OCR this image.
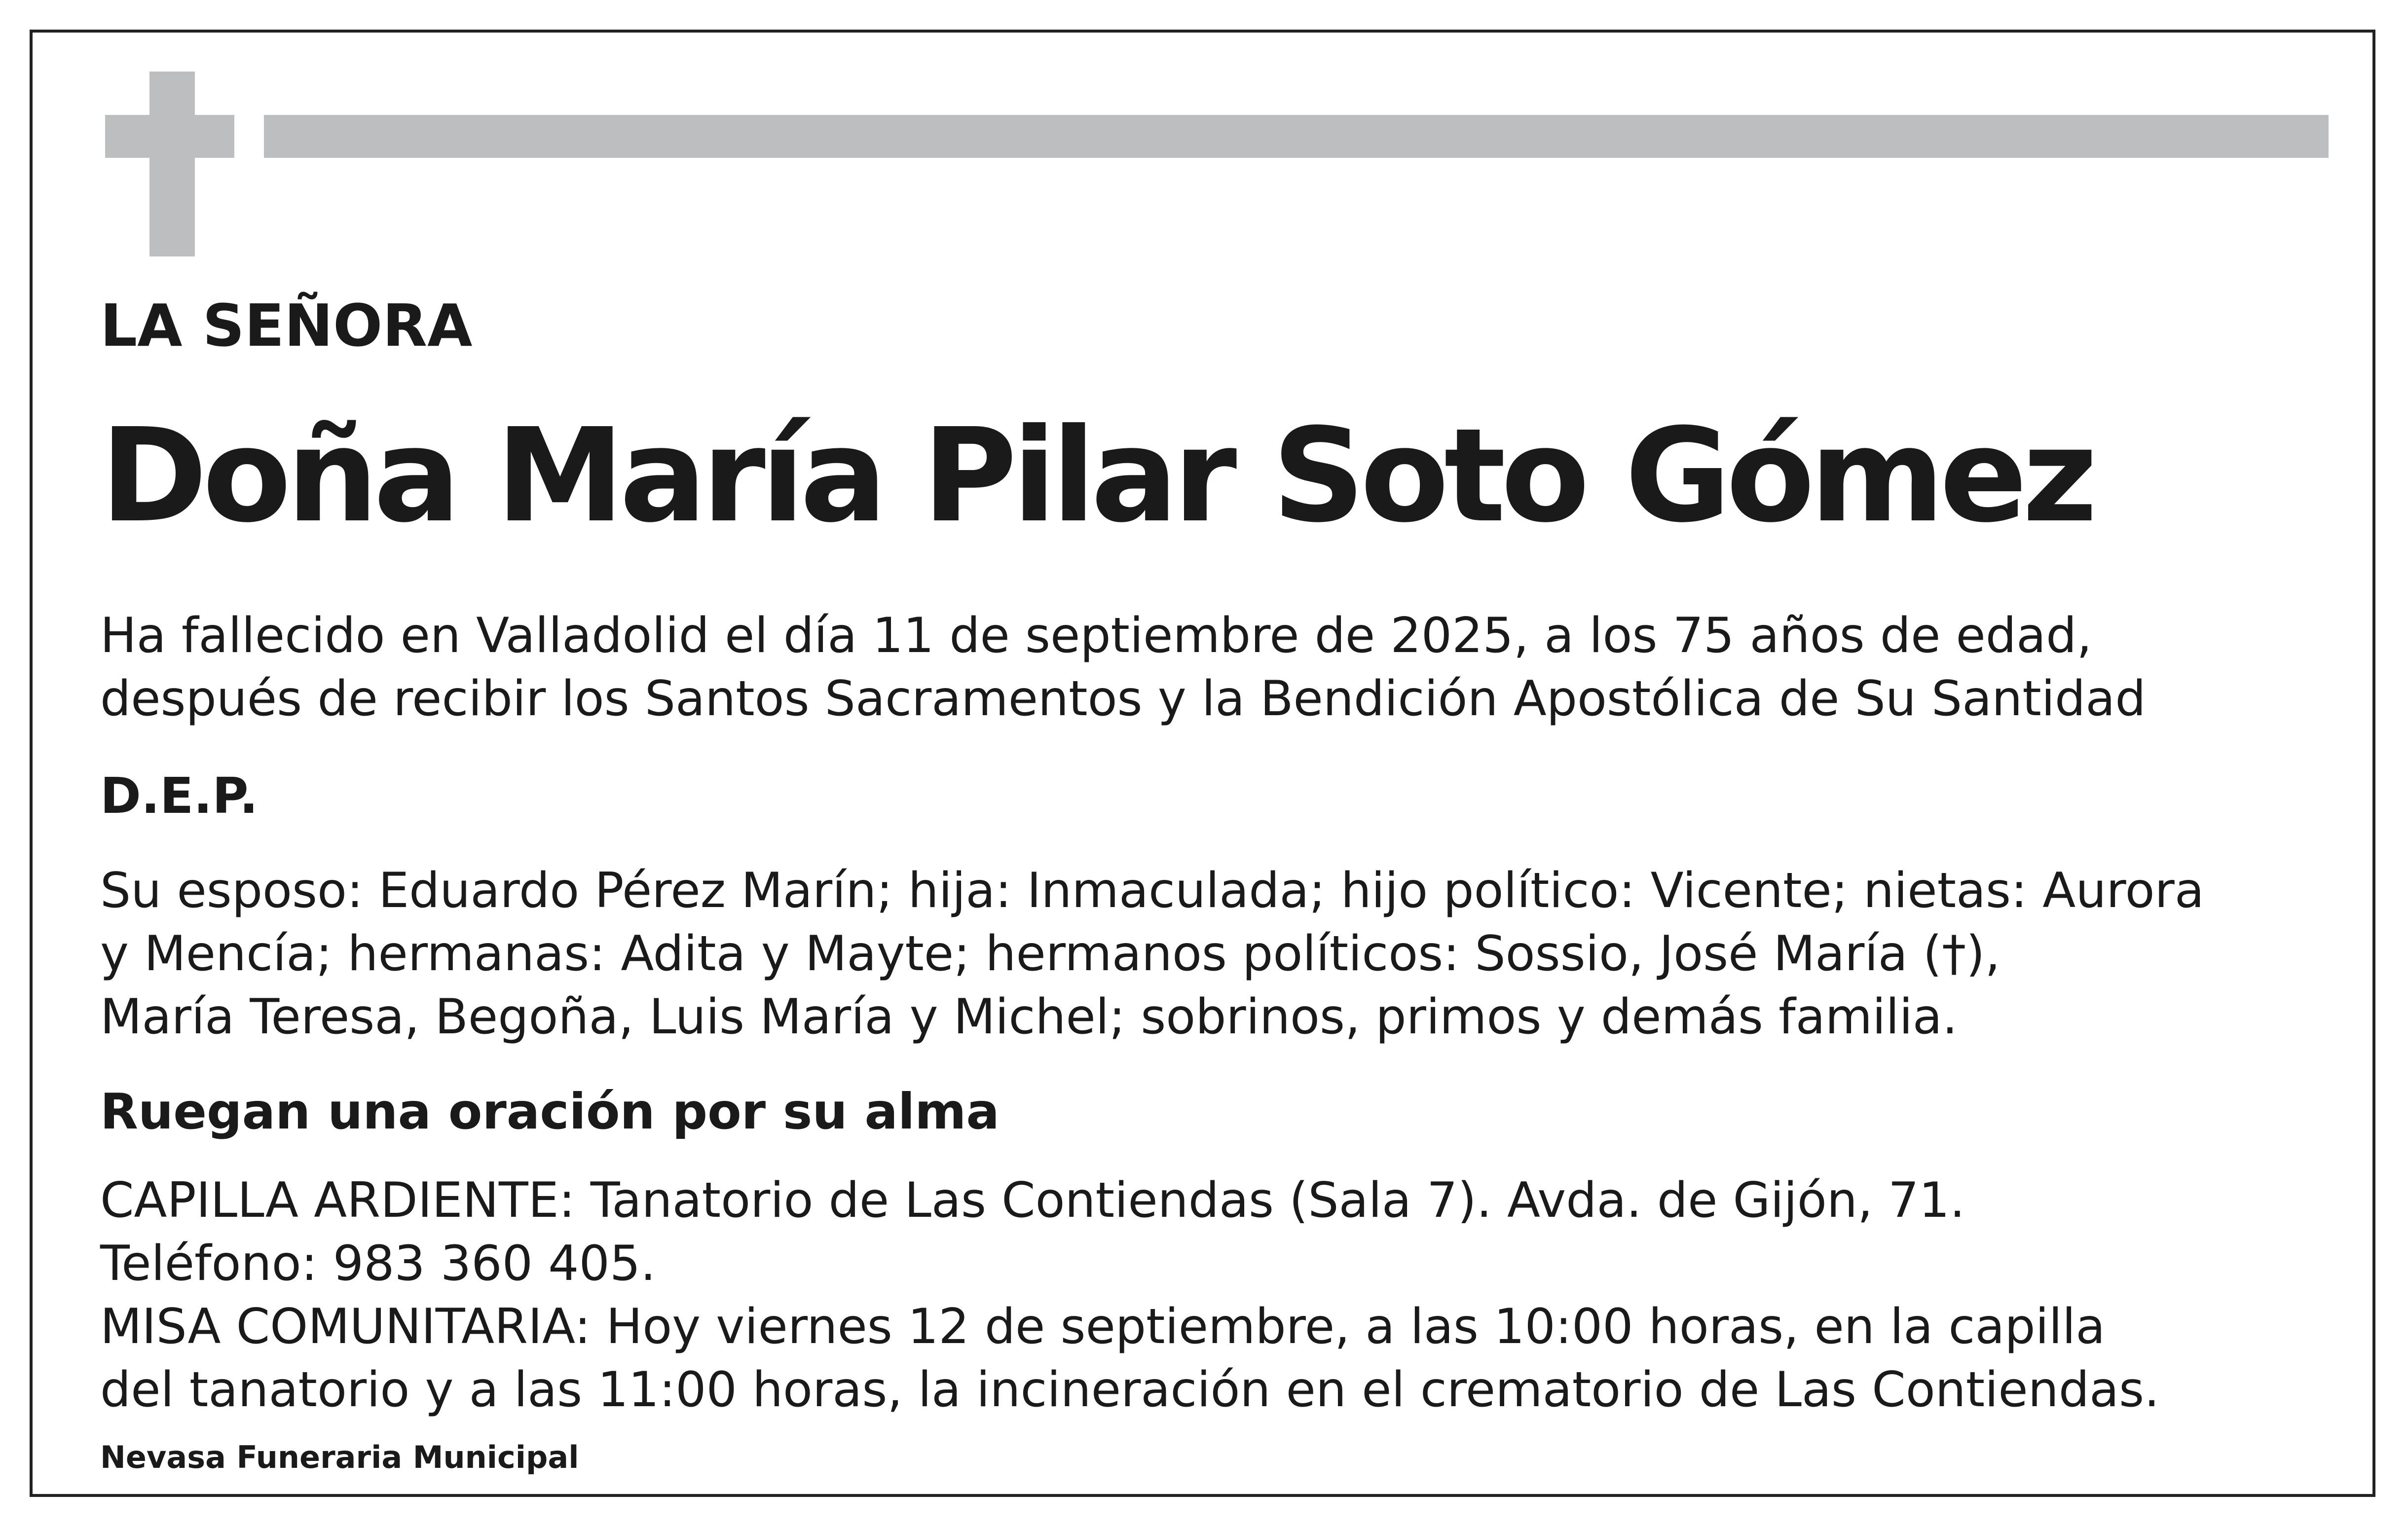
LA SEÑORA
Doña María Pilar Soto Gómez
Ha fallecido en Valladolid el día 11 de septiembre de 2025, a los 75 años de edad,
después de recibir los Santos Sacramentos y la Bendición Apostólica de Su Santidad
D.E.P.
Su esposo: Eduardo Pérez Marín; hija: Inmaculada; hijo político: Vicente; nietas: Aurora
y Mencía; hermanas: Adita y Mayte; hermanos políticos: Sossio, José María (†),
María Teresa, Begoña, Luis María y Michel; sobrinos, primos y demás familia.
Ruegan una oración por su alma
CAPILLA ARDIENTE: Tanatorio de Las Contiendas (Sala 7). Avda. de Gijón, 71.
Teléfono: 983 360 405.
MISA COMUNITARIA: Hoy viernes 12 de septiembre, a las 10:00 horas, en la capilla
del tanatorio y a las 11:00 horas, la incineración en el crematorio de Las Contiendas.
Nevasa Funeraria Municipal
